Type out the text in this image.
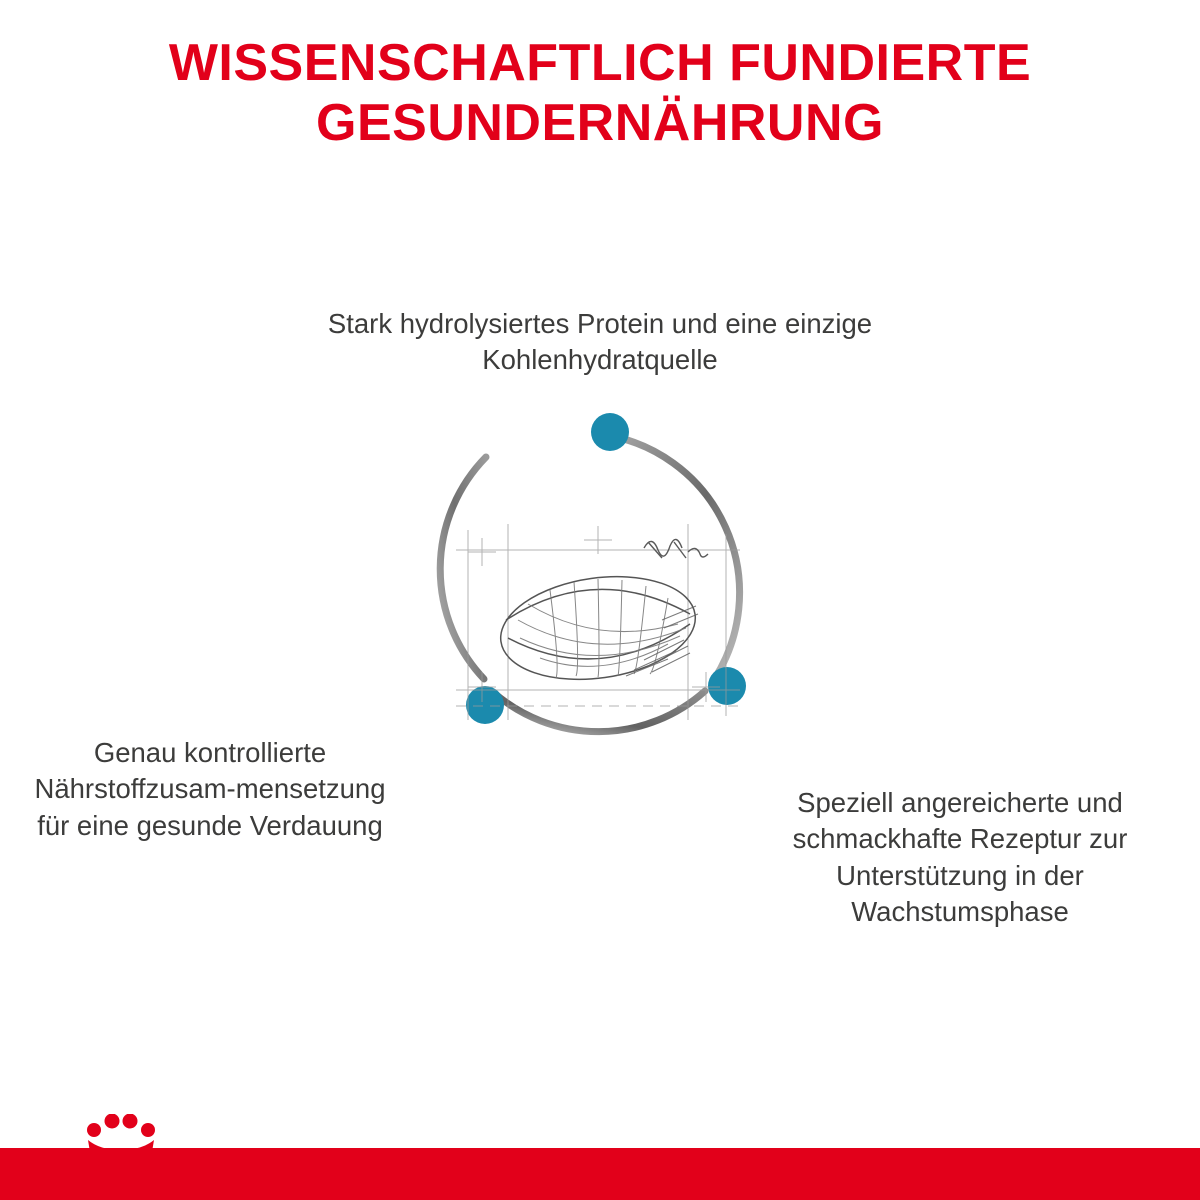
WISSENSCHAFTLICH FUNDIERTE
GESUNDERNÄHRUNG
Stark hydrolysiertes Protein und eine einzige Kohlenhydratquelle
Genau kontrollierte Nährstoffzusam-mensetzung für eine gesunde Verdauung
Speziell angereicherte und schmackhafte Rezeptur zur Unterstützung in der Wachstumsphase
